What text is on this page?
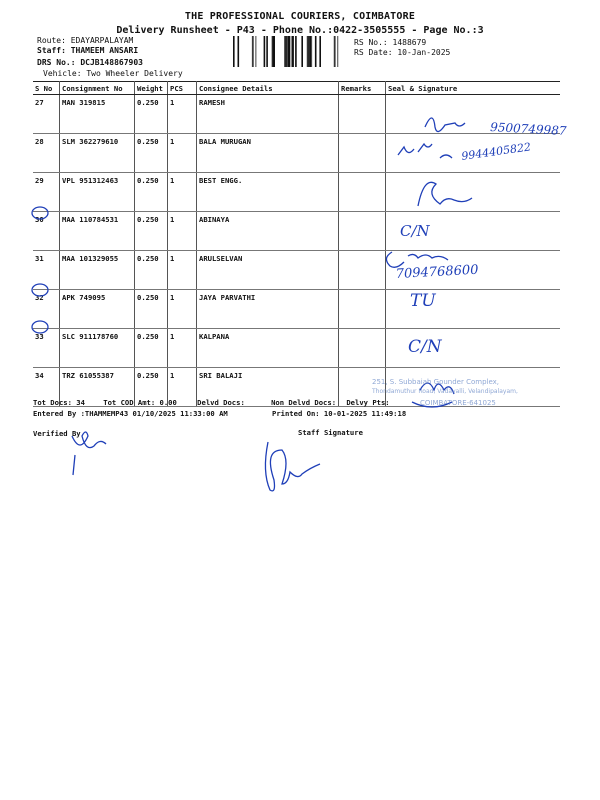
THE PROFESSIONAL COURIERS, COIMBATORE
Delivery Runsheet - P43 - Phone No.:0422-3505555 - Page No.:3
Route: EDAYARPALAYAM
Staff: THAMEEM ANSARI
DRS No.: DCJB148867903
Vehicle: Two Wheeler Delivery
RS No.: 1488679
RS Date: 10-Jan-2025
S No	Consignment No	Weight	PCS	Consignee Details	Remarks	Seal & Signature
27	MAN 319815	0.250	1	RAMESH		
28	SLM 362279610	0.250	1	BALA MURUGAN		
29	VPL 951312463	0.250	1	BEST ENGG.		
30	MAA 110784531	0.250	1	ABINAYA		
31	MAA 101329055	0.250	1	ARULSELVAN		
32	APK 749095	0.250	1	JAYA PARVATHI		
33	SLC 911178760	0.250	1	KALPANA		
34	TRZ 61055387	0.250	1	SRI BALAJI		
9500749987
9944405822
C/N
7094768600
TU
C/N
251, S. Subbaiah Gounder Complex,
Thondamuthur Road, Vadavalli, Velandipalayam,
COIMBATORE-641025
Tot Docs: 34	Tot COD Amt: 0.00	Delvd Docs:	Non Delvd Docs: Delvy Pts:
Entered By :THAMMEMP43 01/10/2025 11:33:00 AM	Printed On: 10-01-2025 11:49:18
Verified By	Staff Signature
